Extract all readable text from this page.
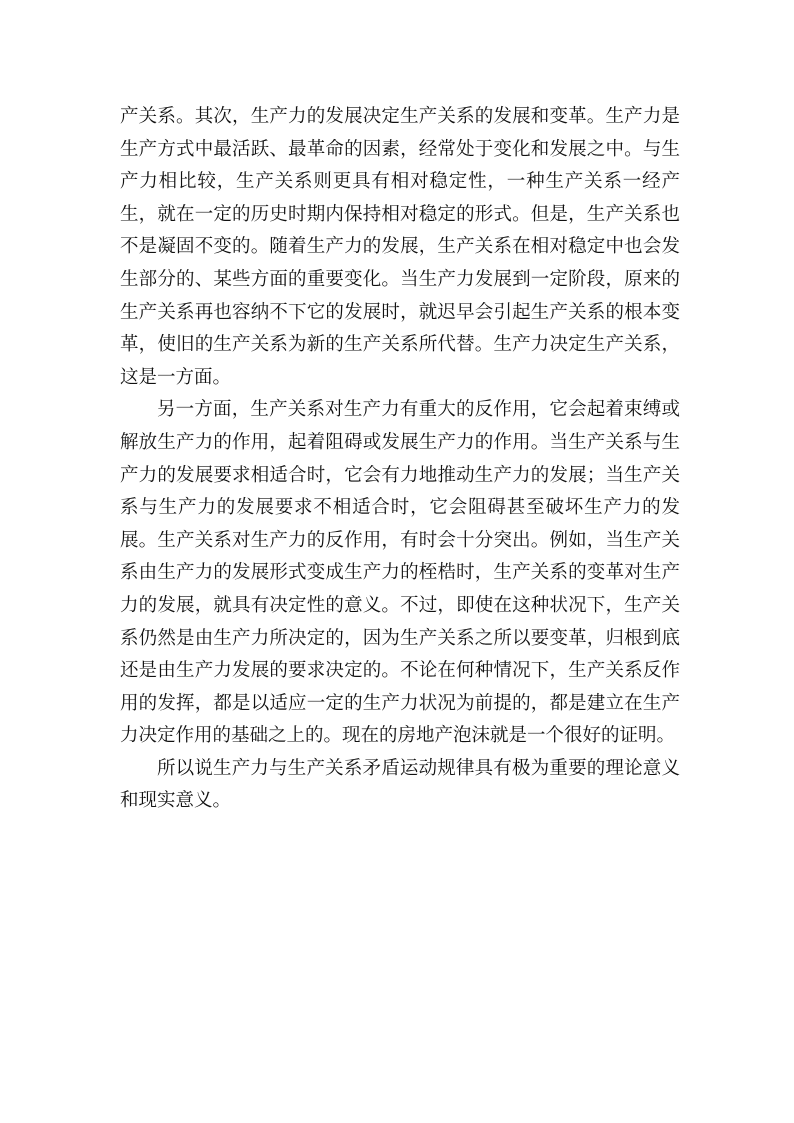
产关系。其次，生产力的发展决定生产关系的发展和变革。生产力是生产方式中最活跃、最革命的因素，经常处于变化和发展之中。与生产力相比较，生产关系则更具有相对稳定性，一种生产关系一经产生，就在一定的历史时期内保持相对稳定的形式。但是，生产关系也不是凝固不变的。随着生产力的发展，生产关系在相对稳定中也会发生部分的、某些方面的重要变化。当生产力发展到一定阶段，原来的生产关系再也容纳不下它的发展时，就迟早会引起生产关系的根本变革，使旧的生产关系为新的生产关系所代替。生产力决定生产关系，这是一方面。

另一方面，生产关系对生产力有重大的反作用，它会起着束缚或解放生产力的作用，起着阻碍或发展生产力的作用。当生产关系与生产力的发展要求相适合时，它会有力地推动生产力的发展；当生产关系与生产力的发展要求不相适合时，它会阻碍甚至破坏生产力的发展。生产关系对生产力的反作用，有时会十分突出。例如，当生产关系由生产力的发展形式变成生产力的桎梏时，生产关系的变革对生产力的发展，就具有决定性的意义。不过，即使在这种状况下，生产关系仍然是由生产力所决定的，因为生产关系之所以要变革，归根到底还是由生产力发展的要求决定的。不论在何种情况下，生产关系反作用的发挥，都是以适应一定的生产力状况为前提的，都是建立在生产力决定作用的基础之上的。现在的房地产泡沫就是一个很好的证明。

所以说生产力与生产关系矛盾运动规律具有极为重要的理论意义和现实意义。
